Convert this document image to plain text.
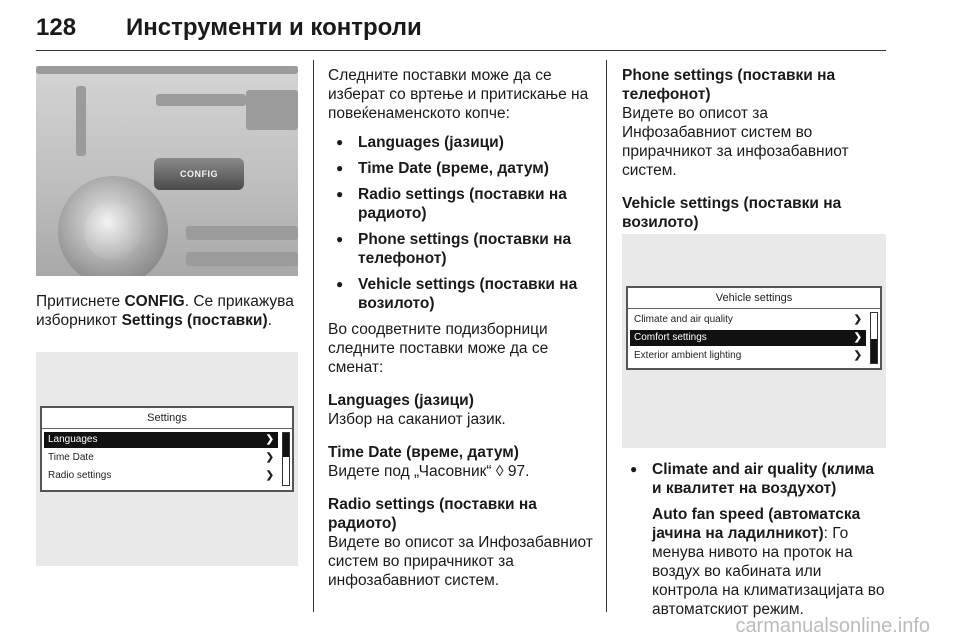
128 Инструменти и контроли
CONFIG

Притиснете CONFIG. Се прикажува изборникот Settings (поставки).

Settings
Languages	❯
Time Date	❯
Radio settings	❯

Следните поставки може да се изберат со вртење и притискање на повеќенаменското копче:

● Languages (јазици)
● Time Date (време, датум)
● Radio settings (поставки на радиото)
● Phone settings (поставки на телефонот)
● Vehicle settings (поставки на возилото)

Во соодветните подизборници следните поставки може да се сменат:

Languages (јазици)

Избор на саканиот јазик.

Time Date (време, датум)

Видете под „Часовник“ ◊ 97.

Radio settings (поставки на радиото)

Видете во описот за Инфозабавниот систем во прирачникот за инфозабавниот систем.

Phone settings (поставки на телефонот)

Видете во описот за Инфозабавниот систем во прирачникот за инфозабавниот систем.

Vehicle settings (поставки на возилото)

Vehicle settings
Climate and air quality	❯
Comfort settings	❯
Exterior ambient lighting	❯
● Climate and air quality (клима и квалитет на воздухот)

Auto fan speed (автоматска јачина на ладилникот): Го менува нивото на проток на воздух во кабината или контрола на климатизацијата во автоматскиот режим.

carmanualsonline.info
